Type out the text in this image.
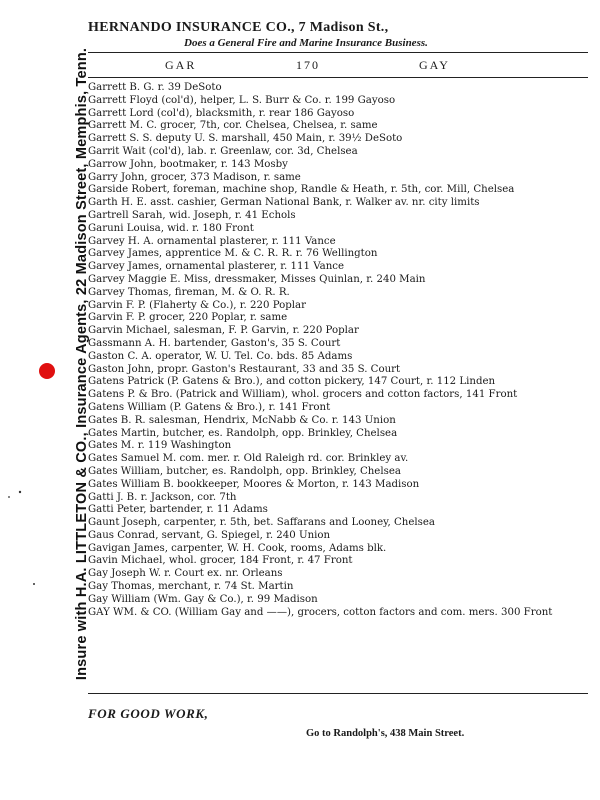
HERNANDO INSURANCE CO., 7 Madison St.,
Does a General Fire and Marine Insurance Business.
GAR	170	GAY
Insure with H.A. LITTLETON & CO., Insurance Agents, 22 Madison Street, Memphis, Tenn.
Garrett B. G. r. 39 DeSoto
Garrett Floyd (col'd), helper, L. S. Burr & Co. r. 199 Gayoso
Garrett Lord (col'd), blacksmith, r. rear 186 Gayoso
Garrett M. C. grocer, 7th, cor. Chelsea, Chelsea, r. same
Garrett S. S. deputy U. S. marshall, 450 Main, r. 39½ DeSoto
Garrit Wait (col'd), lab. r. Greenlaw, cor. 3d, Chelsea
Garrow John, bootmaker, r. 143 Mosby
Garry John, grocer, 373 Madison, r. same
Garside Robert, foreman, machine shop, Randle & Heath, r. 5th, cor. Mill, Chelsea
Garth H. E. asst. cashier, German National Bank, r. Walker av. nr. city limits
Gartrell Sarah, wid. Joseph, r. 41 Echols
Garuni Louisa, wid. r. 180 Front
Garvey H. A. ornamental plasterer, r. 111 Vance
Garvey James, apprentice M. & C. R. R. r. 76 Wellington
Garvey James, ornamental plasterer, r. 111 Vance
Garvey Maggie E. Miss, dressmaker, Misses Quinlan, r. 240 Main
Garvey Thomas, fireman, M. & O. R. R.
Garvin F. P. (Flaherty & Co.), r. 220 Poplar
Garvin F. P. grocer, 220 Poplar, r. same
Garvin Michael, salesman, F. P. Garvin, r. 220 Poplar
Gassmann A. H. bartender, Gaston's, 35 S. Court
Gaston C. A. operator, W. U. Tel. Co. bds. 85 Adams
Gaston John, propr. Gaston's Restaurant, 33 and 35 S. Court
Gatens Patrick (P. Gatens & Bro.), and cotton pickery, 147 Court, r. 112 Linden
Gatens P. & Bro. (Patrick and William), whol. grocers and cotton factors, 141 Front
Gatens William (P. Gatens & Bro.), r. 141 Front
Gates B. R. salesman, Hendrix, McNabb & Co. r. 143 Union
Gates Martin, butcher, es. Randolph, opp. Brinkley, Chelsea
Gates M. r. 119 Washington
Gates Samuel M. com. mer. r. Old Raleigh rd. cor. Brinkley av.
Gates William, butcher, es. Randolph, opp. Brinkley, Chelsea
Gates William B. bookkeeper, Moores & Morton, r. 143 Madison
Gatti J. B. r. Jackson, cor. 7th
Gatti Peter, bartender, r. 11 Adams
Gaunt Joseph, carpenter, r. 5th, bet. Saffarans and Looney, Chelsea
Gaus Conrad, servant, G. Spiegel, r. 240 Union
Gavigan James, carpenter, W. H. Cook, rooms, Adams blk.
Gavin Michael, whol. grocer, 184 Front, r. 47 Front
Gay Joseph W. r. Court ex. nr. Orleans
Gay Thomas, merchant, r. 74 St. Martin
Gay William (Wm. Gay & Co.), r. 99 Madison
GAY WM. & CO. (William Gay and ——), grocers, cotton factors and com. mers. 300 Front
FOR GOOD WORK,
Go to Randolph's, 438 Main Street.
